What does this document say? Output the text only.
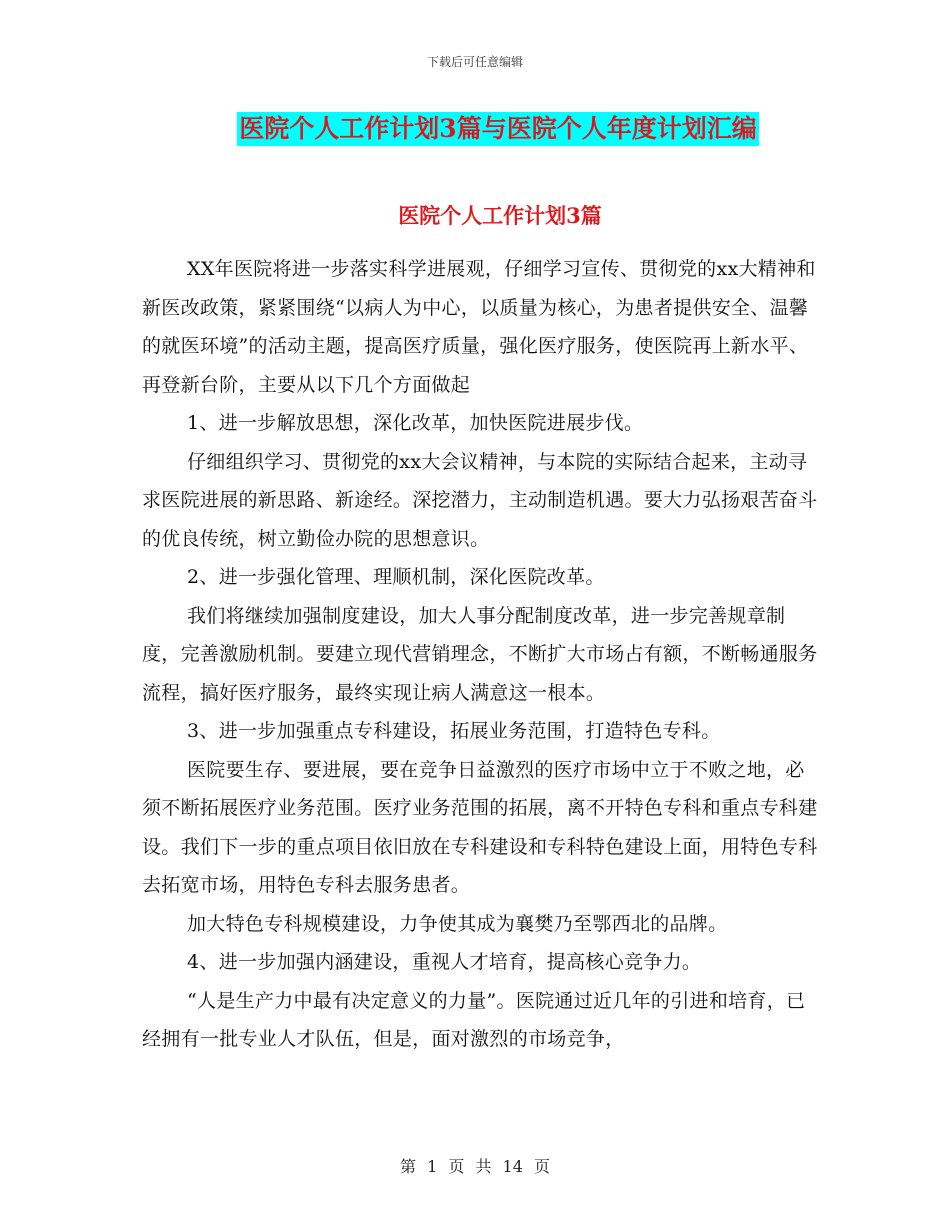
下载后可任意编辑
医院个人工作计划3篇与医院个人年度计划汇编
医院个人工作计划3篇

XX年医院将进一步落实科学进展观，仔细学习宣传、贯彻党的xx大精神和新医改政策，紧紧围绕“以病人为中心，以质量为核心，为患者提供安全、温馨的就医环境”的活动主题，提高医疗质量，强化医疗服务，使医院再上新水平、再登新台阶，主要从以下几个方面做起

1、进一步解放思想，深化改革，加快医院进展步伐。

仔细组织学习、贯彻党的xx大会议精神，与本院的实际结合起来，主动寻求医院进展的新思路、新途经。深挖潜力，主动制造机遇。要大力弘扬艰苦奋斗的优良传统，树立勤俭办院的思想意识。

2、进一步强化管理、理顺机制，深化医院改革。

我们将继续加强制度建设，加大人事分配制度改革，进一步完善规章制度，完善激励机制。要建立现代营销理念，不断扩大市场占有额，不断畅通服务流程，搞好医疗服务，最终实现让病人满意这一根本。

3、进一步加强重点专科建设，拓展业务范围，打造特色专科。

医院要生存、要进展，要在竞争日益激烈的医疗市场中立于不败之地，必须不断拓展医疗业务范围。医疗业务范围的拓展，离不开特色专科和重点专科建设。我们下一步的重点项目依旧放在专科建设和专科特色建设上面，用特色专科去拓宽市场，用特色专科去服务患者。

加大特色专科规模建设，力争使其成为襄樊乃至鄂西北的品牌。

4、进一步加强内涵建设，重视人才培育，提高核心竞争力。

“人是生产力中最有决定意义的力量”。医院通过近几年的引进和培育，已经拥有一批专业人才队伍，但是，面对激烈的市场竞争，

第 1 页 共 14 页
